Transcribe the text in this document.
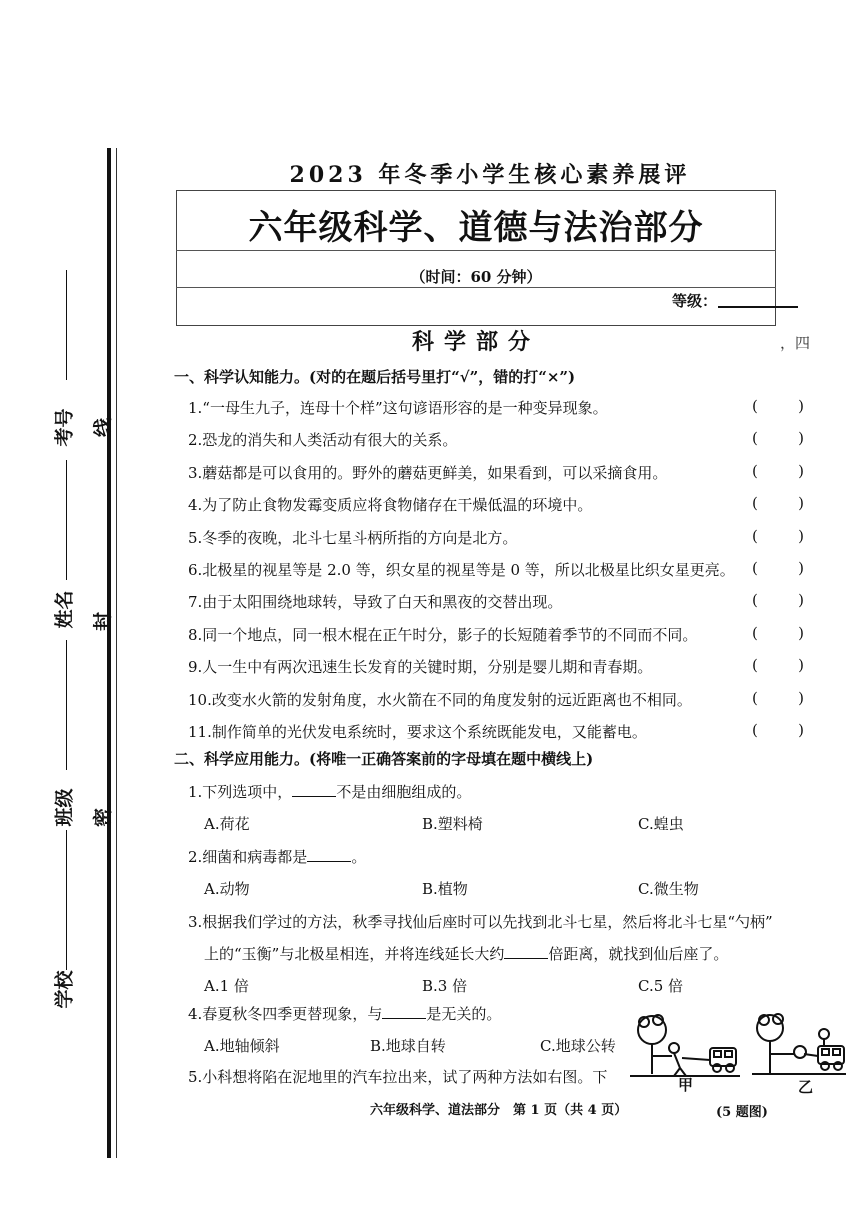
考号
姓名
班级
学校
线
封
密
2023 年冬季小学生核心素养展评
六年级科学、道德与法治部分
（时间：60 分钟）
等级：
科学部分	，四
一、科学认知能力。(对的在题后括号里打“√”，错的打“×”)
1.“一母生九子，连母十个样”这句谚语形容的是一种变异现象。	(	)
2.恐龙的消失和人类活动有很大的关系。	(	)
3.蘑菇都是可以食用的。野外的蘑菇更鲜美，如果看到，可以采摘食用。	(	)
4.为了防止食物发霉变质应将食物储存在干燥低温的环境中。	(	)
5.冬季的夜晚，北斗七星斗柄所指的方向是北方。	(	)
6.北极星的视星等是 2.0 等，织女星的视星等是 0 等，所以北极星比织女星更亮。 (	)
7.由于太阳围绕地球转，导致了白天和黑夜的交替出现。	(	)
8.同一个地点，同一根木棍在正午时分，影子的长短随着季节的不同而不同。	(	)
9.人一生中有两次迅速生长发育的关键时期，分别是婴儿期和青春期。	(	)
10.改变水火箭的发射角度，水火箭在不同的角度发射的远近距离也不相同。	(	)
11.制作简单的光伏发电系统时，要求这个系统既能发电，又能蓄电。	(	)
二、科学应用能力。(将唯一正确答案前的字母填在题中横线上)
1.下列选项中，	不是由细胞组成的。
A.荷花	B.塑料椅	C.蝗虫
2.细菌和病毒都是	。
A.动物	B.植物	C.微生物
3.根据我们学过的方法，秋季寻找仙后座时可以先找到北斗七星，然后将北斗七星“勺柄”
上的“玉衡”与北极星相连，并将连线延长大约	倍距离，就找到仙后座了。
A.1 倍	B.3 倍	C.5 倍
4.春夏秋冬四季更替现象，与	是无关的。
A.地轴倾斜	B.地球自转	C.地球公转
5.小科想将陷在泥地里的汽车拉出来，试了两种方法如右图。下	甲	乙
六年级科学、道法部分　第 1 页（共 4 页）	(5 题图)
